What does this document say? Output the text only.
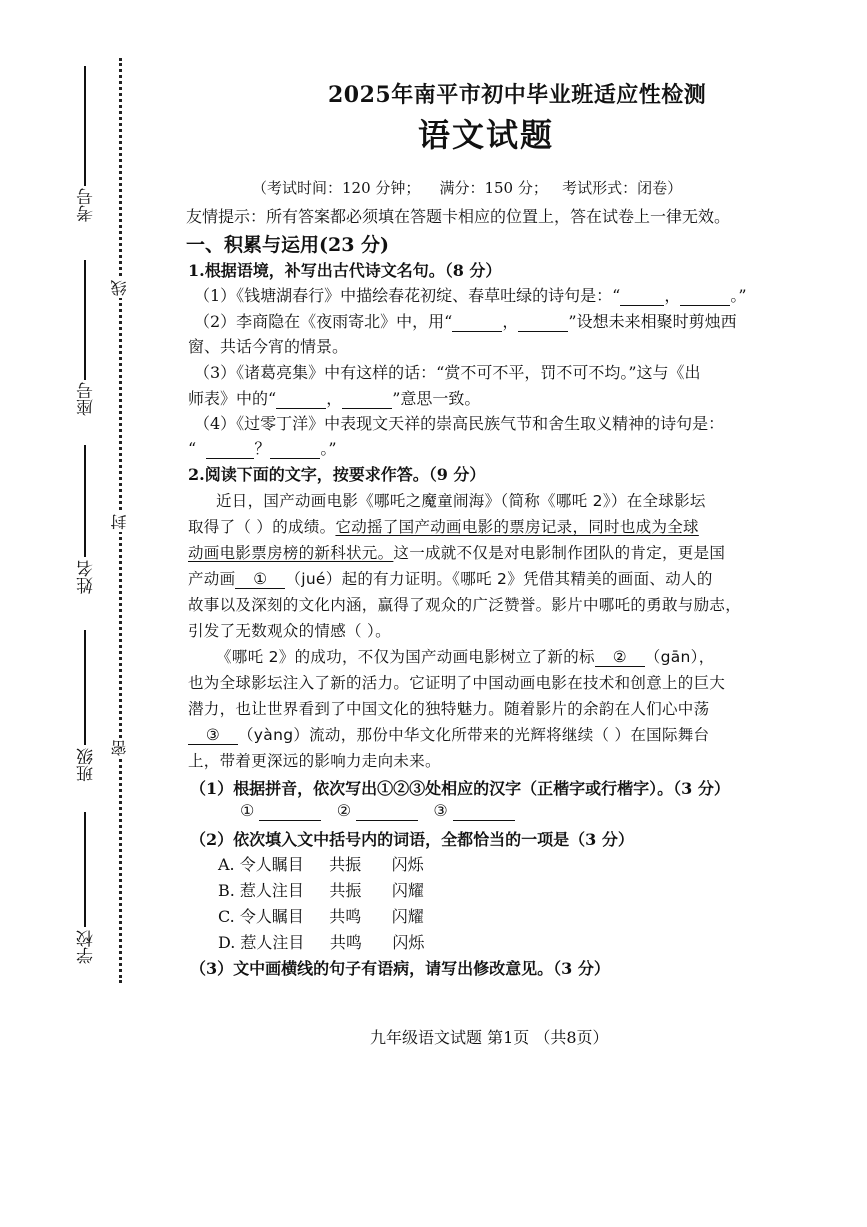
考号
座号
姓名
班级
学校
线
封
密
2025年南平市初中毕业班适应性检测
语文试题
（考试时间：120 分钟；    满分：150 分；   考试形式：闭卷）
友情提示：所有答案都必须填在答题卡相应的位置上，答在试卷上一律无效。
一、积累与运用(23 分)
1.根据语境，补写出古代诗文名句。（8 分）
（1）《钱塘湖春行》中描绘春花初绽、春草吐绿的诗句是：“	，	。”
（2）李商隐在《夜雨寄北》中，用“	，	”设想未来相聚时剪烛西
窗、共话今宵的情景。
（3）《诸葛亮集》中有这样的话：“赏不可不平，罚不可不均。”这与《出
师表》中的“	，	”意思一致。
（4）《过零丁洋》中表现文天祥的崇高民族气节和舍生取义精神的诗句是：
“	？	。”
2.阅读下面的文字，按要求作答。（9 分）
近日，国产动画电影《哪吒之魔童闹海》（简称《哪吒 2》）在全球影坛
取得了（ ）的成绩。它动摇了国产动画电影的票房记录，同时也成为全球
动画电影票房榜的新科状元。这一成就不仅是对电影制作团队的肯定，更是国
产动画 ① （jué）起的有力证明。《哪吒 2》凭借其精美的画面、动人的
故事以及深刻的文化内涵，赢得了观众的广泛赞誉。影片中哪吒的勇敢与励志，
引发了无数观众的情感（ ）。
《哪吒 2》的成功，不仅为国产动画电影树立了新的标 ② （gān），
也为全球影坛注入了新的活力。它证明了中国动画电影在技术和创意上的巨大
潜力，也让世界看到了中国文化的独特魅力。随着影片的余韵在人们心中荡
③ （yàng）流动，那份中华文化所带来的光辉将继续（ ）在国际舞台
上，带着更深远的影响力走向未来。
（1）根据拼音，依次写出①②③处相应的汉字（正楷字或行楷字）。（3 分）
①	②	③
（2）依次填入文中括号内的词语，全都恰当的一项是（3 分）
A. 令人瞩目     共振      闪烁
B. 惹人注目     共振      闪耀
C. 令人瞩目     共鸣      闪耀
D. 惹人注目     共鸣      闪烁
（3）文中画横线的句子有语病，请写出修改意见。（3 分）
九年级语文试题 第1页 （共8页）
